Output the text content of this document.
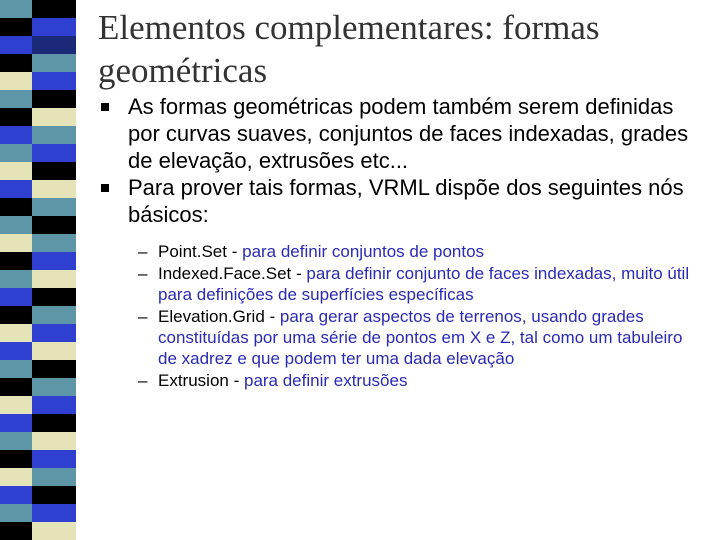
Elementos complementares: formas geométricas

As formas geométricas podem também serem definidas por curvas suaves, conjuntos de faces indexadas, grades de elevação, extrusões etc...

Para prover tais formas, VRML dispõe dos seguintes nós básicos:

– Point.Set - para definir conjuntos de pontos
– Indexed.Face.Set - para definir conjunto de faces indexadas, muito útil para definições de superfícies específicas
– Elevation.Grid - para gerar aspectos de terrenos, usando grades constituídas por uma série de pontos em X e Z, tal como um tabuleiro de xadrez e que podem ter uma dada elevação
– Extrusion - para definir extrusões
